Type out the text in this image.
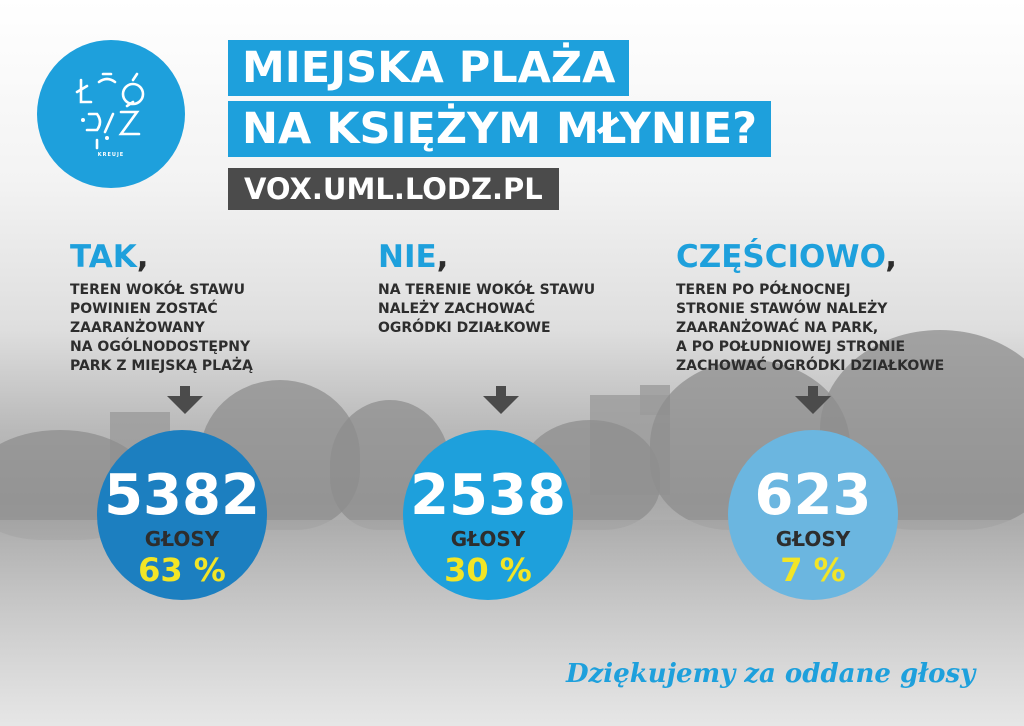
KREUJE
MIEJSKA PLAŻA
NA KSIĘŻYM MŁYNIE?
VOX.UML.LODZ.PL
TAK,
TEREN WOKÓŁ STAWU
POWINIEN ZOSTAĆ
ZAARANŻOWANY
NA OGÓLNODOSTĘPNY
PARK Z MIEJSKĄ PLAŻĄ
5382
GŁOSY
63 %
NIE,
NA TERENIE WOKÓŁ STAWU
NALEŻY ZACHOWAĆ
OGRÓDKI DZIAŁKOWE
2538
GŁOSY
30 %
CZĘŚCIOWO,
TEREN PO PÓŁNOCNEJ
STRONIE STAWÓW NALEŻY
ZAARANŻOWAĆ NA PARK,
A PO POŁUDNIOWEJ STRONIE
ZACHOWAĆ OGRÓDKI DZIAŁKOWE
623
GŁOSY
7 %
Dziękujemy za oddane głosy
